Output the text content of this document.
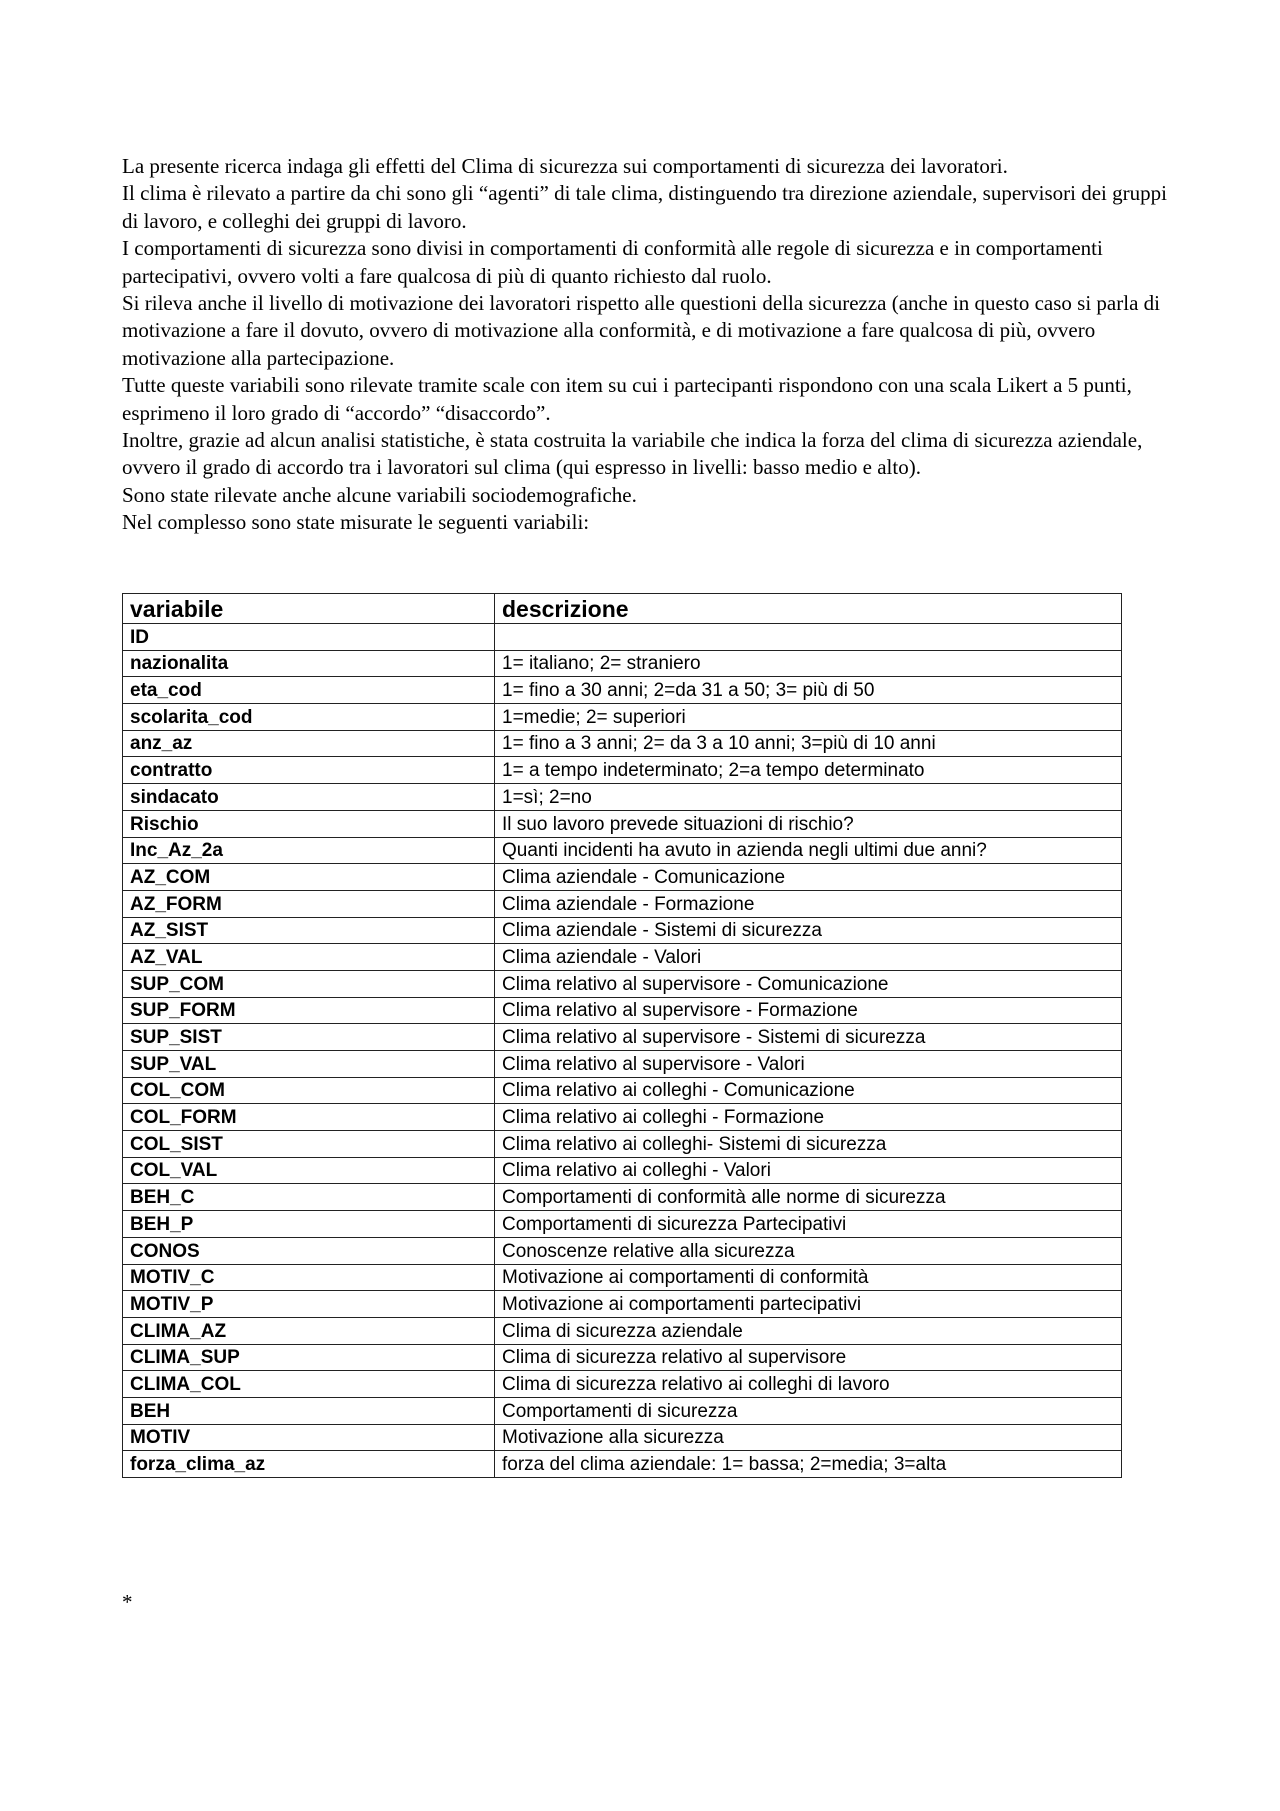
La presente ricerca indaga gli effetti del Clima di sicurezza sui comportamenti di sicurezza dei lavoratori.

Il clima è rilevato a partire da chi sono gli “agenti” di tale clima, distinguendo tra direzione aziendale, supervisori dei gruppi di lavoro, e colleghi dei gruppi di lavoro.

I comportamenti di sicurezza sono divisi in comportamenti di conformità alle regole di sicurezza e in comportamenti partecipativi, ovvero volti a fare qualcosa di più di quanto richiesto dal ruolo.

Si rileva anche il livello di motivazione dei lavoratori rispetto alle questioni della sicurezza (anche in questo caso si parla di motivazione a fare il dovuto, ovvero di motivazione alla conformità, e di motivazione a fare qualcosa di più, ovvero motivazione alla partecipazione.

Tutte queste variabili sono rilevate tramite scale con item su cui i partecipanti rispondono con una scala Likert a 5 punti, esprimeno il loro grado di “accordo” “disaccordo”.

Inoltre, grazie ad alcun analisi statistiche, è stata costruita la variabile che indica la forza del clima di sicurezza aziendale, ovvero il grado di accordo tra i lavoratori sul clima (qui espresso in livelli: basso medio e alto).

Sono state rilevate anche alcune variabili sociodemografiche.

Nel complesso sono state misurate le seguenti variabili:

variabile	descrizione
ID	
nazionalita	1= italiano; 2= straniero
eta_cod	1= fino a 30 anni; 2=da 31 a 50; 3= più di 50
scolarita_cod	1=medie; 2= superiori
anz_az	1= fino a 3 anni; 2= da 3 a 10 anni; 3=più di 10 anni
contratto	1= a tempo indeterminato; 2=a tempo determinato
sindacato	1=sì; 2=no
Rischio	Il suo lavoro prevede situazioni di rischio?
Inc_Az_2a	Quanti incidenti ha avuto in azienda negli ultimi due anni?
AZ_COM	Clima aziendale - Comunicazione
AZ_FORM	Clima aziendale - Formazione
AZ_SIST	Clima aziendale - Sistemi di sicurezza
AZ_VAL	Clima aziendale - Valori
SUP_COM	Clima relativo al supervisore - Comunicazione
SUP_FORM	Clima relativo al supervisore - Formazione
SUP_SIST	Clima relativo al supervisore - Sistemi di sicurezza
SUP_VAL	Clima relativo al supervisore - Valori
COL_COM	Clima relativo ai colleghi - Comunicazione
COL_FORM	Clima relativo ai colleghi - Formazione
COL_SIST	Clima relativo ai colleghi- Sistemi di sicurezza
COL_VAL	Clima relativo ai colleghi - Valori
BEH_C	Comportamenti di conformità alle norme di sicurezza
BEH_P	Comportamenti di sicurezza Partecipativi
CONOS	Conoscenze relative alla sicurezza
MOTIV_C	Motivazione ai comportamenti di conformità
MOTIV_P	Motivazione ai comportamenti partecipativi
CLIMA_AZ	Clima di sicurezza aziendale
CLIMA_SUP	Clima di sicurezza relativo al supervisore
CLIMA_COL	Clima di sicurezza relativo ai colleghi di lavoro
BEH	Comportamenti di sicurezza
MOTIV	Motivazione alla sicurezza
forza_clima_az	forza del clima aziendale: 1= bassa; 2=media; 3=alta
*
